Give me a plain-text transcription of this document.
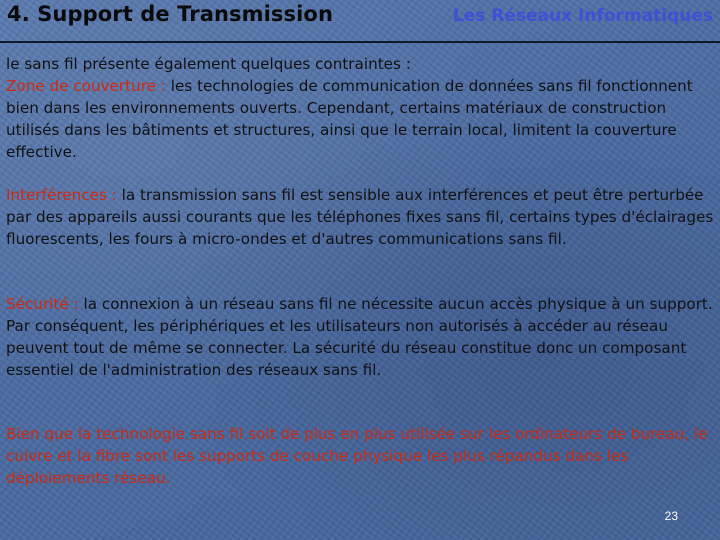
4. Support de Transmission	Les Réseaux Informatiques

le sans fil présente également quelques contraintes :
Zone de couverture : les technologies de communication de données sans fil fonctionnent bien dans les environnements ouverts. Cependant, certains matériaux de construction utilisés dans les bâtiments et structures, ainsi que le terrain local, limitent la couverture effective.

Interférences : la transmission sans fil est sensible aux interférences et peut être perturbée par des appareils aussi courants que les téléphones fixes sans fil, certains types d'éclairages fluorescents, les fours à micro-ondes et d'autres communications sans fil.

Sécurité : la connexion à un réseau sans fil ne nécessite aucun accès physique à un support. Par conséquent, les périphériques et les utilisateurs non autorisés à accéder au réseau peuvent tout de même se connecter. La sécurité du réseau constitue donc un composant essentiel de l'administration des réseaux sans fil.

Bien que la technologie sans fil soit de plus en plus utilisée sur les ordinateurs de bureau, le cuivre et la fibre sont les supports de couche physique les plus répandus dans les déploiements réseau.

23
